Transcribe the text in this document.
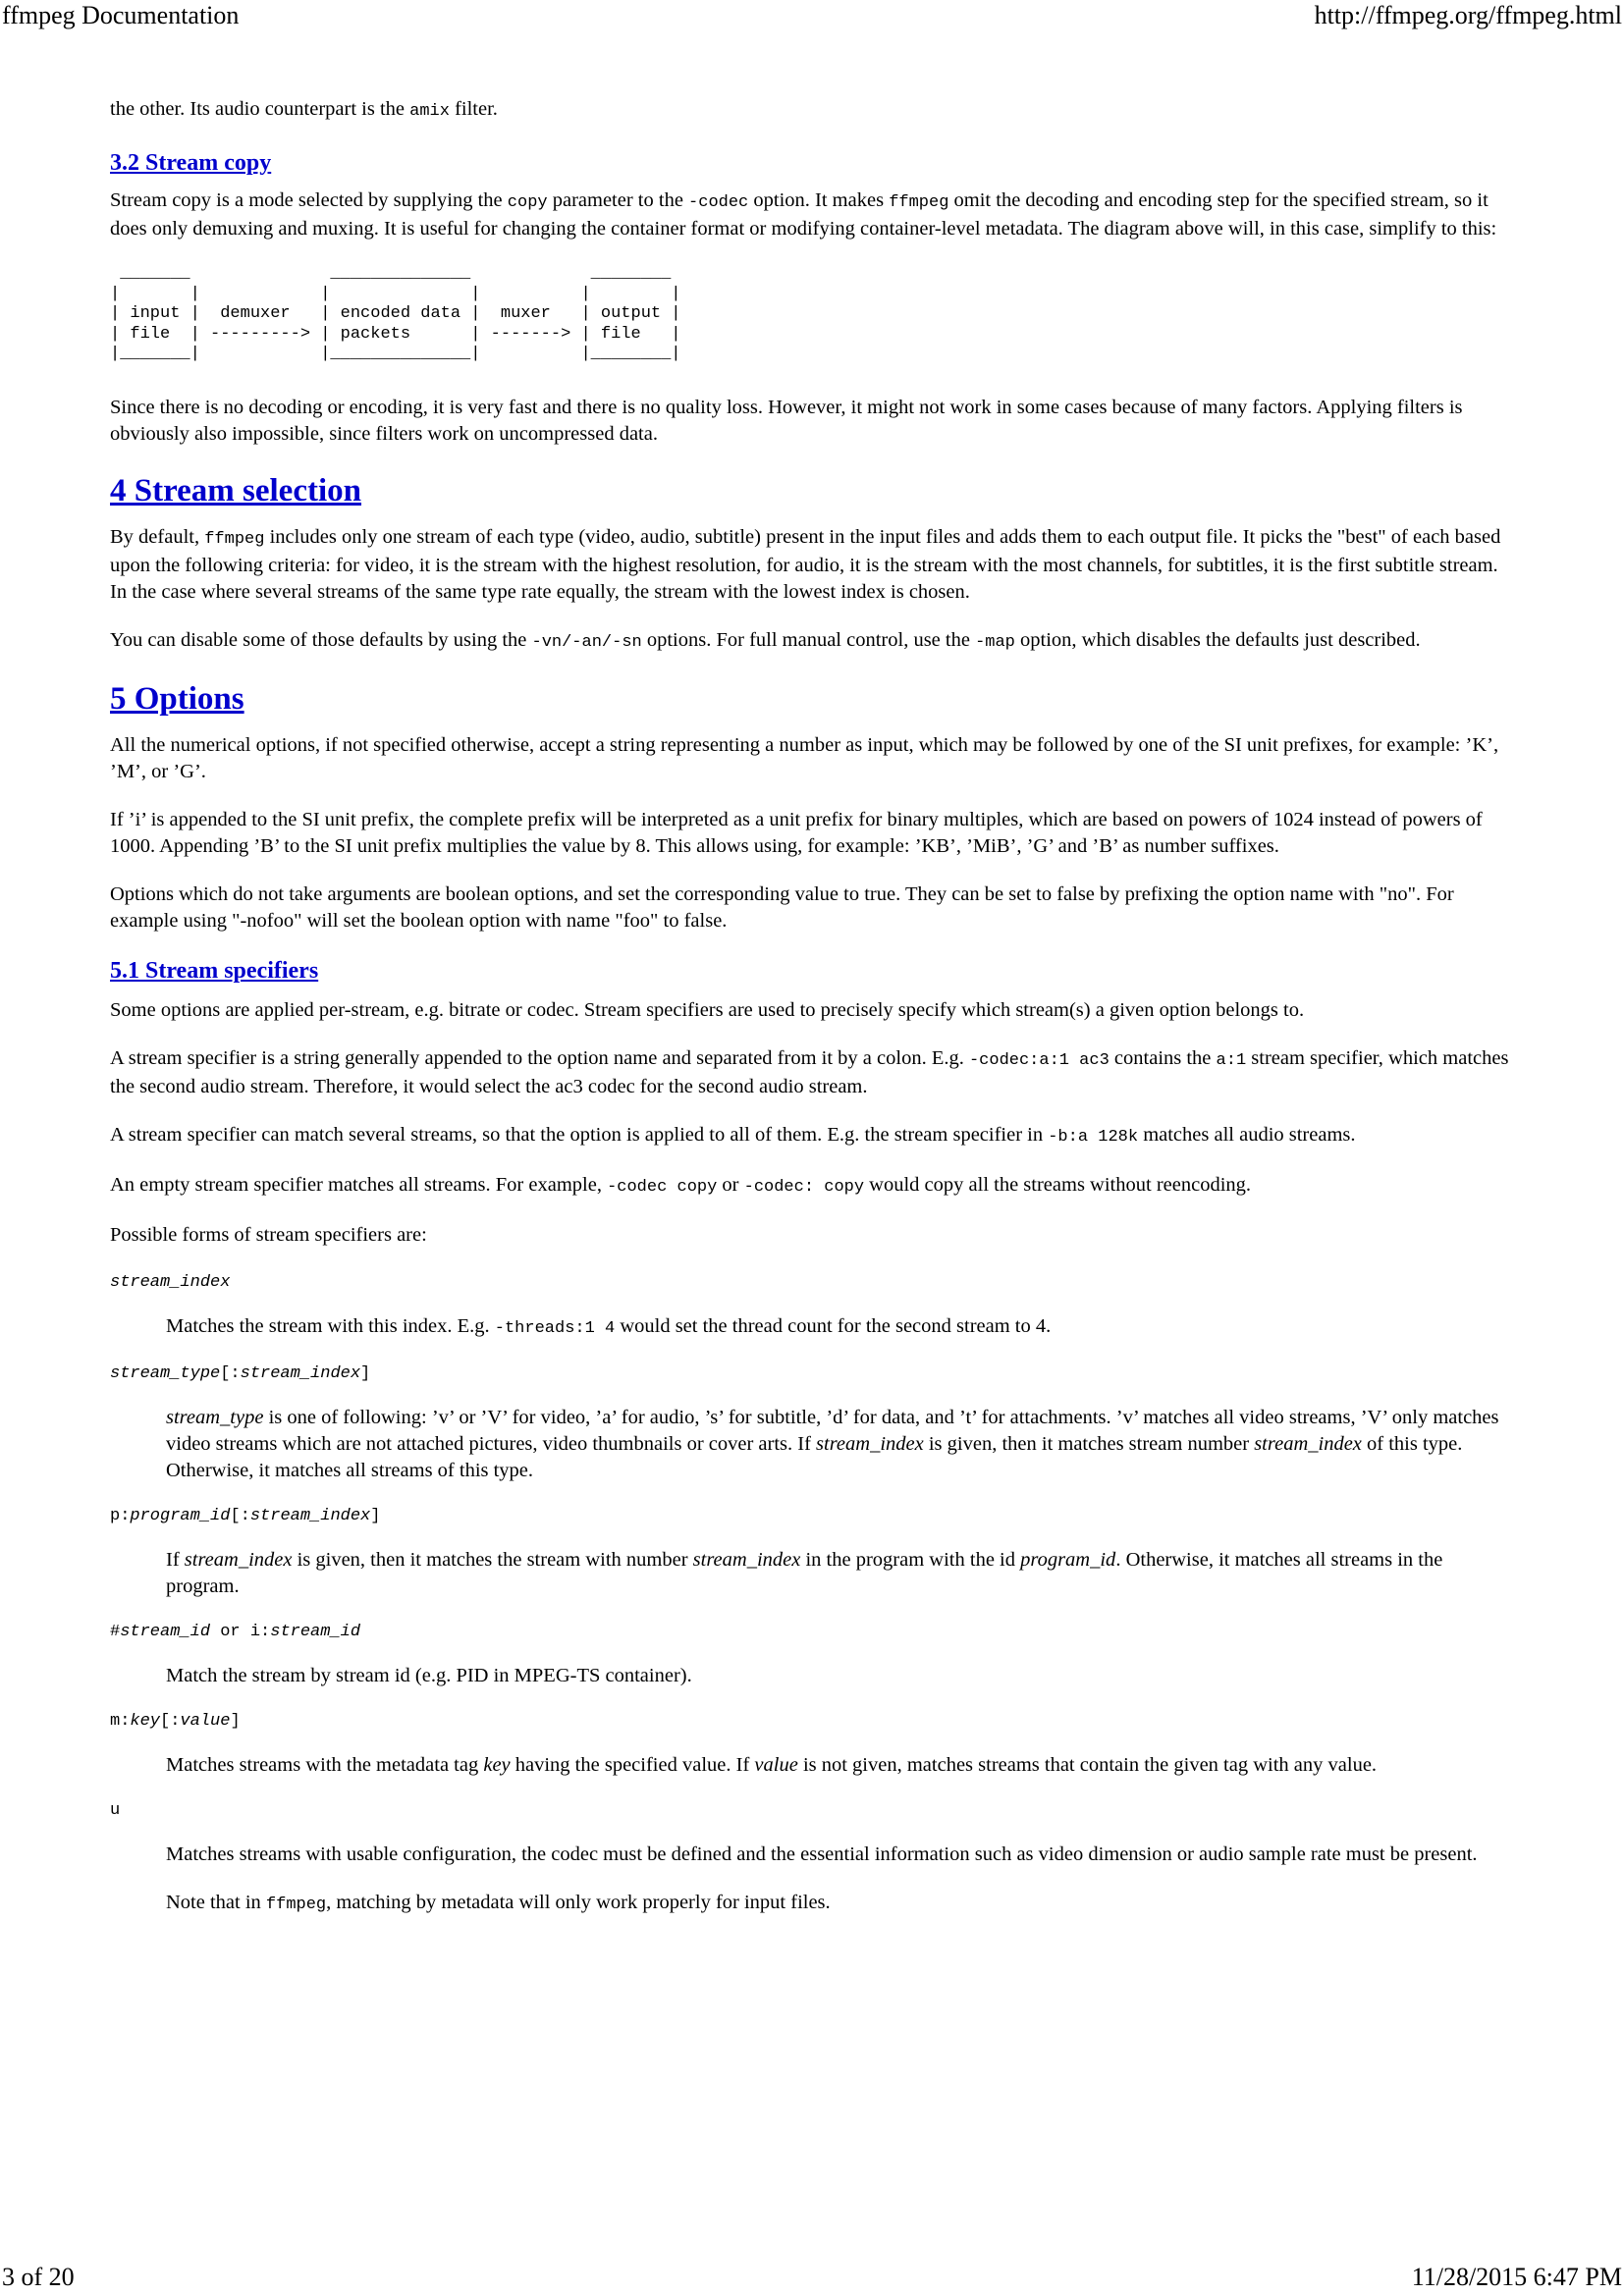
ffmpeg Documentation	http://ffmpeg.org/ffmpeg.html

the other. Its audio counterpart is the amix filter.

3.2 Stream copy

Stream copy is a mode selected by supplying the copy parameter to the -codec option. It makes ffmpeg omit the decoding and encoding step for the specified stream, so it does only demuxing and muxing. It is useful for changing the container format or modifying container-level metadata. The diagram above will, in this case, simplify to this:

_______              ______________            ________
|       |            |              |          |        |
| input |  demuxer   | encoded data |  muxer   | output |
| file  | ---------> | packets      | -------> | file   |
|_______|            |______________|          |________|

Since there is no decoding or encoding, it is very fast and there is no quality loss. However, it might not work in some cases because of many factors. Applying filters is obviously also impossible, since filters work on uncompressed data.

4 Stream selection

By default, ffmpeg includes only one stream of each type (video, audio, subtitle) present in the input files and adds them to each output file. It picks the "best" of each based upon the following criteria: for video, it is the stream with the highest resolution, for audio, it is the stream with the most channels, for subtitles, it is the first subtitle stream. In the case where several streams of the same type rate equally, the stream with the lowest index is chosen.

You can disable some of those defaults by using the -vn/-an/-sn options. For full manual control, use the -map option, which disables the defaults just described.

5 Options

All the numerical options, if not specified otherwise, accept a string representing a number as input, which may be followed by one of the SI unit prefixes, for example: ’K’, ’M’, or ’G’.

If ’i’ is appended to the SI unit prefix, the complete prefix will be interpreted as a unit prefix for binary multiples, which are based on powers of 1024 instead of powers of 1000. Appending ’B’ to the SI unit prefix multiplies the value by 8. This allows using, for example: ’KB’, ’MiB’, ’G’ and ’B’ as number suffixes.

Options which do not take arguments are boolean options, and set the corresponding value to true. They can be set to false by prefixing the option name with "no". For example using "-nofoo" will set the boolean option with name "foo" to false.

5.1 Stream specifiers

Some options are applied per-stream, e.g. bitrate or codec. Stream specifiers are used to precisely specify which stream(s) a given option belongs to.

A stream specifier is a string generally appended to the option name and separated from it by a colon. E.g. -codec:a:1 ac3 contains the a:1 stream specifier, which matches the second audio stream. Therefore, it would select the ac3 codec for the second audio stream.

A stream specifier can match several streams, so that the option is applied to all of them. E.g. the stream specifier in -b:a 128k matches all audio streams.

An empty stream specifier matches all streams. For example, -codec copy or -codec: copy would copy all the streams without reencoding.

Possible forms of stream specifiers are:

stream_index

Matches the stream with this index. E.g. -threads:1 4 would set the thread count for the second stream to 4.

stream_type[:stream_index]

stream_type is one of following: ’v’ or ’V’ for video, ’a’ for audio, ’s’ for subtitle, ’d’ for data, and ’t’ for attachments. ’v’ matches all video streams, ’V’ only matches video streams which are not attached pictures, video thumbnails or cover arts. If stream_index is given, then it matches stream number stream_index of this type. Otherwise, it matches all streams of this type.

p:program_id[:stream_index]

If stream_index is given, then it matches the stream with number stream_index in the program with the id program_id. Otherwise, it matches all streams in the program.

#stream_id or i:stream_id

Match the stream by stream id (e.g. PID in MPEG-TS container).

m:key[:value]

Matches streams with the metadata tag key having the specified value. If value is not given, matches streams that contain the given tag with any value.

u

Matches streams with usable configuration, the codec must be defined and the essential information such as video dimension or audio sample rate must be present.

Note that in ffmpeg, matching by metadata will only work properly for input files.

3 of 20	11/28/2015 6:47 PM
